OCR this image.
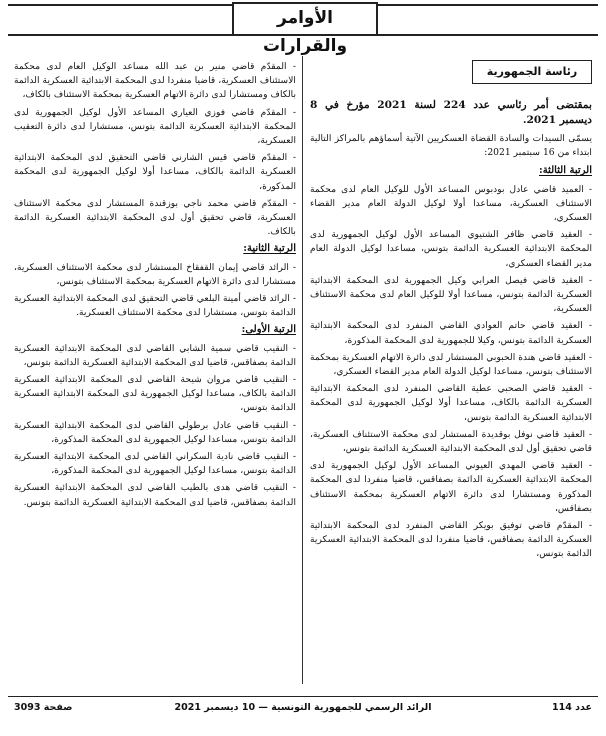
الأوامر والقرارات
رئاسة الجمهورية
بمقتضى أمر رئاسي عدد 224 لسنة 2021 مؤرخ في 8 ديسمبر 2021.
يسمّى السيدات والسادة القضاة العسكريين الآتية أسماؤهم بالمراكز التالية ابتداء من 16 سبتمبر 2021:
الرتبة الثالثة:
- العميد قاضي عادل بودبوس المساعد الأول للوكيل العام لدى محكمة الاستئناف العسكرية، مساعدا أولا لوكيل الدولة العام مدير القضاء العسكري،
- العقيد قاضي ظافر الشتيوي المساعد الأول لوكيل الجمهورية لدى المحكمة الابتدائية العسكرية الدائمة بتونس، مساعدا لوكيل الدولة العام مدير القضاء العسكري،
- العقيد قاضي فيصل العرابي وكيل الجمهورية لدى المحكمة الابتدائية العسكرية الدائمة بتونس، مساعدا أولا للوكيل العام لدى محكمة الاستئناف العسكرية،
- العقيد قاضي حاتم العوادي القاضي المنفرد لدى المحكمة الابتدائية العسكرية الدائمة بتونس، وكيلا للجمهورية لدى المحكمة المذكورة،
- العقيد قاضي هندة الحبوبي المستشار لدى دائرة الاتهام العسكرية بمحكمة الاستئناف بتونس، مساعدا لوكيل الدولة العام مدير القضاء العسكري،
- العقيد قاضي الصحبي عطية القاضي المنفرد لدى المحكمة الابتدائية العسكرية الدائمة بالكاف، مساعدا أولا لوكيل الجمهورية لدى المحكمة الابتدائية العسكرية الدائمة بتونس،
- العقيد قاضي نوفل بوقديدة المستشار لدى محكمة الاستئناف العسكرية، قاضي تحقيق أول لدى المحكمة الابتدائية العسكرية الدائمة بتونس،
- العقيد قاضي المهدي العيوني المساعد الأول لوكيل الجمهورية لدى المحكمة الابتدائية العسكرية الدائمة بصفاقس، قاضيا منفردا لدى المحكمة المذكورة ومستشارا لدى دائرة الاتهام العسكرية بمحكمة الاستئناف بصفاقس،
- المقدّم قاضي توفيق بويكر القاضي المنفرد لدى المحكمة الابتدائية العسكرية الدائمة بصفاقس، قاضيا منفردا لدى المحكمة الابتدائية العسكرية الدائمة بتونس،
- المقدّم قاضي منير بن عبد الله مساعد الوكيل العام لدى محكمة الاستئناف العسكرية، قاضيا منفردا لدى المحكمة الابتدائية العسكرية الدائمة بالكاف ومستشارا لدى دائرة الاتهام العسكرية بمحكمة الاستئناف بالكاف،
- المقدّم قاضي فوزي العياري المساعد الأول لوكيل الجمهورية لدى المحكمة الابتدائية العسكرية الدائمة بتونس، مستشارا لدى دائرة التعقيب العسكرية،
- المقدّم قاضي قيس الشارني قاضي التحقيق لدى المحكمة الابتدائية العسكرية الدائمة بالكاف، مساعدا أولا لوكيل الجمهورية لدى المحكمة المذكورة،
- المقدّم قاضي محمد ناجي بوزقندة المستشار لدى محكمة الاستئناف العسكرية، قاضي تحقيق أول لدى المحكمة الابتدائية العسكرية الدائمة بالكاف.
الرتبة الثانية:
- الرائد قاضي إيمان القفقاخ المستشار لدى محكمة الاستئناف العسكرية، مستشارا لدى دائرة الاتهام العسكرية بمحكمة الاستئناف بتونس،
- الرائد قاضي أمينة البلعي قاضي التحقيق لدى المحكمة الابتدائية العسكرية الدائمة بتونس، مستشارا لدى محكمة الاستئناف العسكرية.
الرتبة الأولى:
- النقيب قاضي سمية الشابي القاضي لدى المحكمة الابتدائية العسكرية الدائمة بصفاقس، قاضيا لدى المحكمة الابتدائية العسكرية الدائمة بتونس،
- النقيب قاضي مروان شيحة القاضي لدى المحكمة الابتدائية العسكرية الدائمة بالكاف، مساعدا لوكيل الجمهورية لدى المحكمة الابتدائية العسكرية الدائمة بتونس،
- النقيب قاضي عادل برطولي القاضي لدى المحكمة الابتدائية العسكرية الدائمة بتونس، مساعدا لوكيل الجمهورية لدى المحكمة المذكورة،
- النقيب قاضي نادية السكراني القاضي لدى المحكمة الابتدائية العسكرية الدائمة بتونس، مساعدا لوكيل الجمهورية لدى المحكمة المذكورة،
- النقيب قاضي هدى بالطيب القاضي لدى المحكمة الابتدائية العسكرية الدائمة بصفاقس، قاضيا لدى المحكمة الابتدائية العسكرية الدائمة بتونس.
عدد 114
الرائد الرسمي للجمهورية التونسية — 10 ديسمبر 2021
صفحة 3093
